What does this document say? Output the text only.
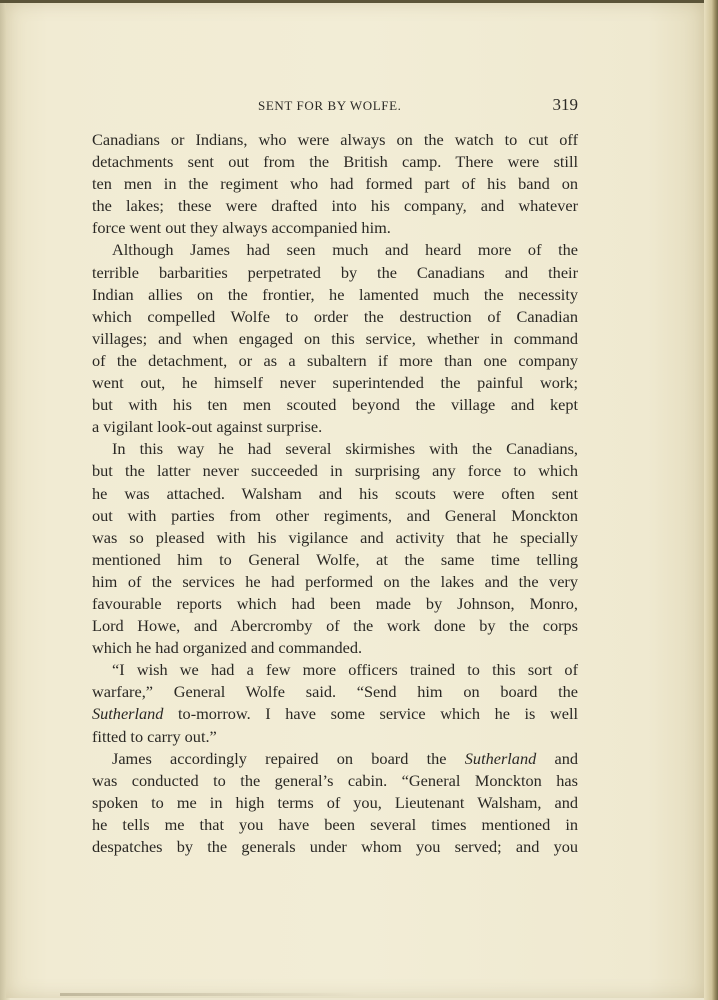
SENT FOR BY WOLFE.	319
Canadians or Indians, who were always on the watch to cut off
detachments sent out from the British camp. There were still
ten men in the regiment who had formed part of his band on
the lakes; these were drafted into his company, and whatever
force went out they always accompanied him.
Although James had seen much and heard more of the
terrible barbarities perpetrated by the Canadians and their
Indian allies on the frontier, he lamented much the necessity
which compelled Wolfe to order the destruction of Canadian
villages; and when engaged on this service, whether in command
of the detachment, or as a subaltern if more than one company
went out, he himself never superintended the painful work;
but with his ten men scouted beyond the village and kept
a vigilant look-out against surprise.
In this way he had several skirmishes with the Canadians,
but the latter never succeeded in surprising any force to which
he was attached. Walsham and his scouts were often sent
out with parties from other regiments, and General Monckton
was so pleased with his vigilance and activity that he specially
mentioned him to General Wolfe, at the same time telling
him of the services he had performed on the lakes and the very
favourable reports which had been made by Johnson, Monro,
Lord Howe, and Abercromby of the work done by the corps
which he had organized and commanded.
“I wish we had a few more officers trained to this sort of
warfare,” General Wolfe said. “Send him on board the
Sutherland to-morrow. I have some service which he is well
fitted to carry out.”
James accordingly repaired on board the Sutherland and
was conducted to the general’s cabin. “General Monckton has
spoken to me in high terms of you, Lieutenant Walsham, and
he tells me that you have been several times mentioned in
despatches by the generals under whom you served; and you
